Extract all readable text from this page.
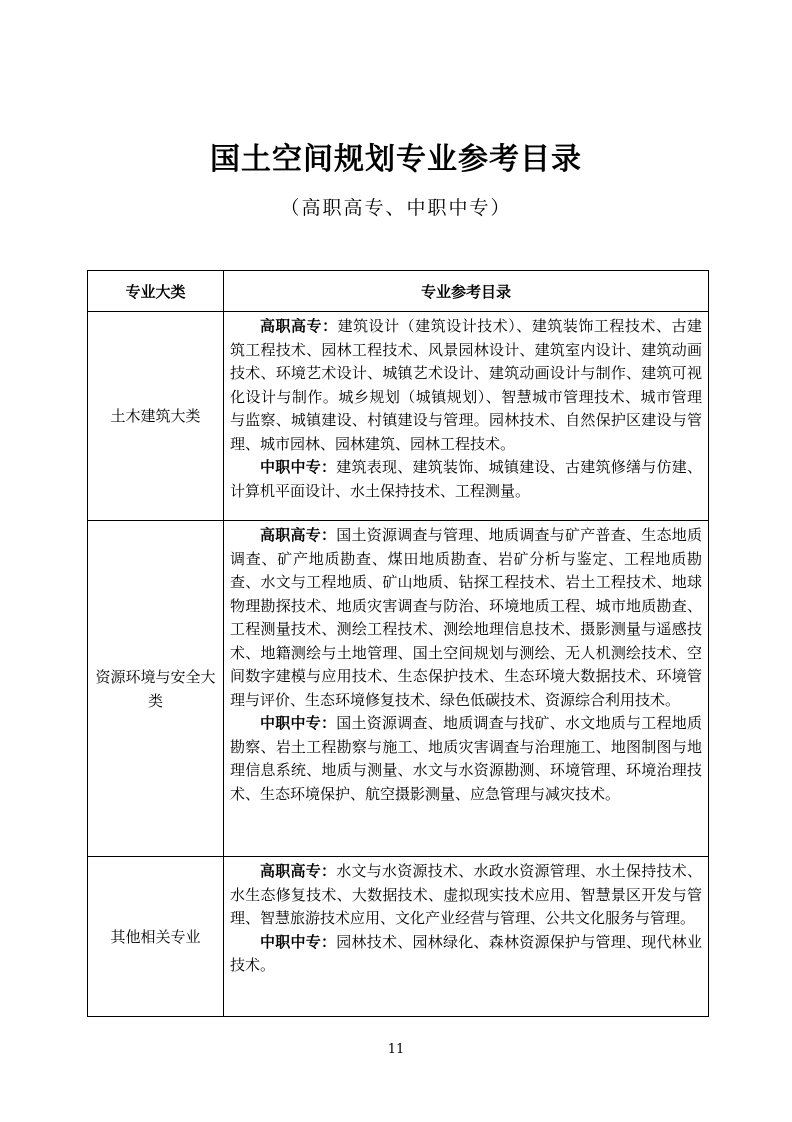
国土空间规划专业参考目录
（高职高专、中职中专）
专业大类	专业参考目录
土木建筑大类	高职高专：建筑设计（建筑设计技术）、建筑装饰工程技术、古建筑工程技术、园林工程技术、风景园林设计、建筑室内设计、建筑动画技术、环境艺术设计、城镇艺术设计、建筑动画设计与制作、建筑可视化设计与制作。城乡规划（城镇规划）、智慧城市管理技术、城市管理与监察、城镇建设、村镇建设与管理。园林技术、自然保护区建设与管理、城市园林、园林建筑、园林工程技术。

中职中专：建筑表现、建筑装饰、城镇建设、古建筑修缮与仿建、计算机平面设计、水土保持技术、工程测量。

资源环境与安全大类	高职高专：国土资源调查与管理、地质调查与矿产普查、生态地质调查、矿产地质勘查、煤田地质勘查、岩矿分析与鉴定、工程地质勘查、水文与工程地质、矿山地质、钻探工程技术、岩土工程技术、地球物理勘探技术、地质灾害调查与防治、环境地质工程、城市地质勘查、工程测量技术、测绘工程技术、测绘地理信息技术、摄影测量与遥感技术、地籍测绘与土地管理、国土空间规划与测绘、无人机测绘技术、空间数字建模与应用技术、生态保护技术、生态环境大数据技术、环境管理与评价、生态环境修复技术、绿色低碳技术、资源综合利用技术。

中职中专：国土资源调查、地质调查与找矿、水文地质与工程地质勘察、岩土工程勘察与施工、地质灾害调查与治理施工、地图制图与地理信息系统、地质与测量、水文与水资源勘测、环境管理、环境治理技术、生态环境保护、航空摄影测量、应急管理与减灾技术。

其他相关专业	高职高专：水文与水资源技术、水政水资源管理、水土保持技术、水生态修复技术、大数据技术、虚拟现实技术应用、智慧景区开发与管理、智慧旅游技术应用、文化产业经营与管理、公共文化服务与管理。

中职中专：园林技术、园林绿化、森林资源保护与管理、现代林业技术。

11
